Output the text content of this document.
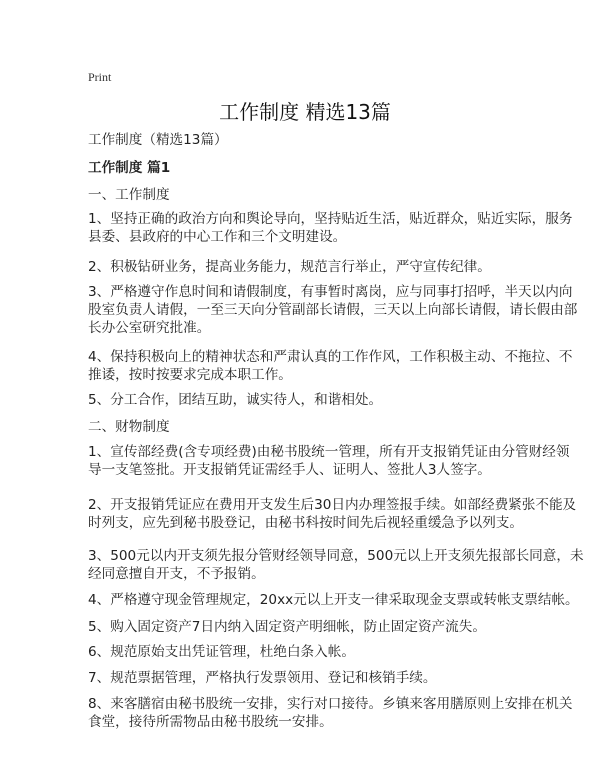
Print
工作制度 精选13篇
工作制度（精选13篇）
工作制度 篇1
一、工作制度
1、坚持正确的政治方向和舆论导向，坚持贴近生活，贴近群众，贴近实际，服务
县委、县政府的中心工作和三个文明建设。
2、积极钻研业务，提高业务能力，规范言行举止，严守宣传纪律。
3、严格遵守作息时间和请假制度，有事暂时离岗，应与同事打招呼，半天以内向
股室负责人请假，一至三天向分管副部长请假，三天以上向部长请假，请长假由部
长办公室研究批准。
4、保持积极向上的精神状态和严肃认真的工作作风，工作积极主动、不拖拉、不
推诿，按时按要求完成本职工作。
5、分工合作，团结互助，诚实待人，和谐相处。
二、财物制度
1、宣传部经费(含专项经费)由秘书股统一管理，所有开支报销凭证由分管财经领
导一支笔签批。开支报销凭证需经手人、证明人、签批人3人签字。
2、开支报销凭证应在费用开支发生后30日内办理签报手续。如部经费紧张不能及
时列支，应先到秘书股登记，由秘书科按时间先后视轻重缓急予以列支。
3、500元以内开支须先报分管财经领导同意，500元以上开支须先报部长同意，未
经同意擅自开支，不予报销。
4、严格遵守现金管理规定，20xx元以上开支一律采取现金支票或转帐支票结帐。
5、购入固定资产7日内纳入固定资产明细帐，防止固定资产流失。
6、规范原始支出凭证管理，杜绝白条入帐。
7、规范票据管理，严格执行发票领用、登记和核销手续。
8、来客膳宿由秘书股统一安排，实行对口接待。乡镇来客用膳原则上安排在机关
食堂，接待所需物品由秘书股统一安排。
